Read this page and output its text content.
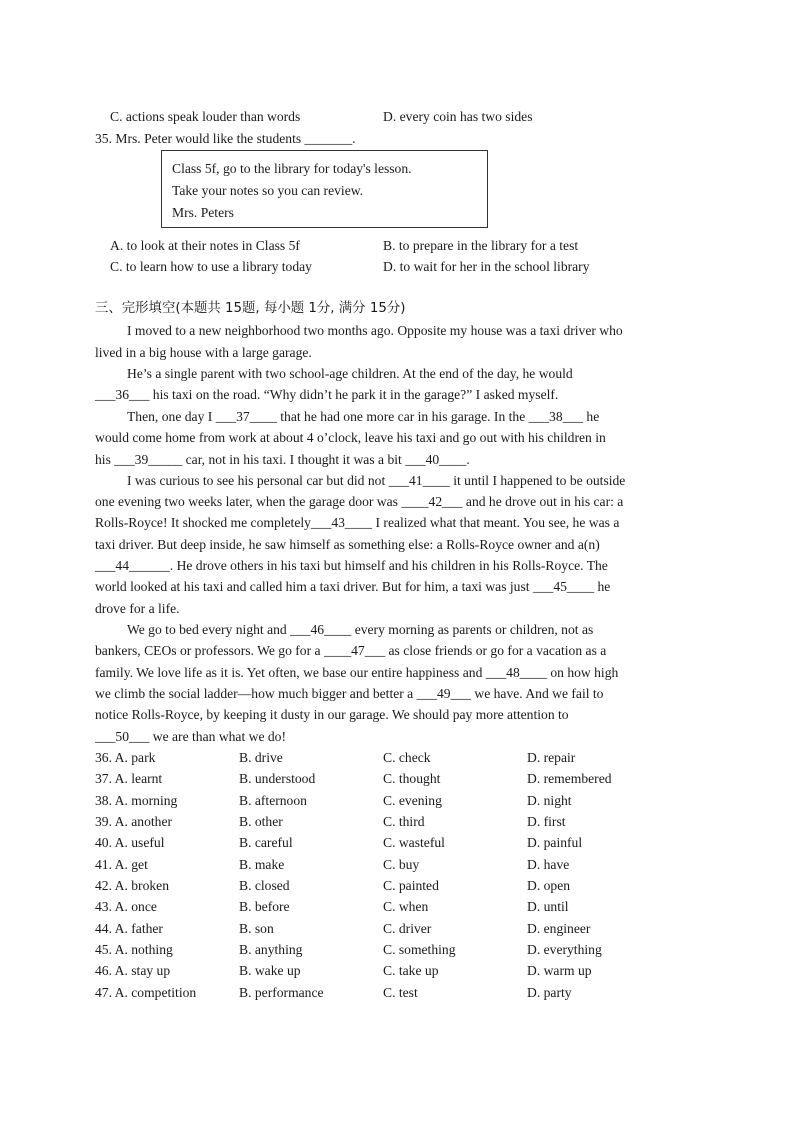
C. actions speak louder than words	D. every coin has two sides
35. Mrs. Peter would like the students _______.
Class 5f, go to the library for today's lesson.
Take your notes so you can review.
Mrs. Peters
A. to look at their notes in Class 5f	B. to prepare in the library for a test
C. to learn how to use a library today	D. to wait for her in the school library
三、完形填空(本题共 15题, 每小题 1分, 满分 15分)
I moved to a new neighborhood two months ago. Opposite my house was a taxi driver who
lived in a big house with a large garage.
He’s a single parent with two school-age children. At the end of the day, he would
___36___ his taxi on the road. “Why didn’t he park it in the garage?” I asked myself.
Then, one day I ___37____ that he had one more car in his garage. In the ___38___ he
would come home from work at about 4 o’clock, leave his taxi and go out with his children in
his ___39_____ car, not in his taxi. I thought it was a bit ___40____.
I was curious to see his personal car but did not ___41____ it until I happened to be outside
one evening two weeks later, when the garage door was ____42___ and he drove out in his car: a
Rolls-Royce! It shocked me completely___43____ I realized what that meant. You see, he was a
taxi driver. But deep inside, he saw himself as something else: a Rolls-Royce owner and a(n)
___44______. He drove others in his taxi but himself and his children in his Rolls-Royce. The
world looked at his taxi and called him a taxi driver. But for him, a taxi was just ___45____ he
drove for a life.
We go to bed every night and ___46____ every morning as parents or children, not as
bankers, CEOs or professors. We go for a ____47___ as close friends or go for a vacation as a
family. We love life as it is. Yet often, we base our entire happiness and ___48____ on how high
we climb the social ladder—how much bigger and better a ___49___ we have. And we fail to
notice Rolls-Royce, by keeping it dusty in our garage. We should pay more attention to
___50___ we are than what we do!
36. A. park	B. drive	C. check	D. repair
37. A. learnt	B. understood	C. thought	D. remembered
38. A. morning	B. afternoon	C. evening	D. night
39. A. another	B. other	C. third	D. first
40. A. useful	B. careful	C. wasteful	D. painful
41. A. get	B. make	C. buy	D. have
42. A. broken	B. closed	C. painted	D. open
43. A. once	B. before	C. when	D. until
44. A. father	B. son	C. driver	D. engineer
45. A. nothing	B. anything	C. something	D. everything
46. A. stay up	B. wake up	C. take up	D. warm up
47. A. competition	B. performance	C. test	D. party
